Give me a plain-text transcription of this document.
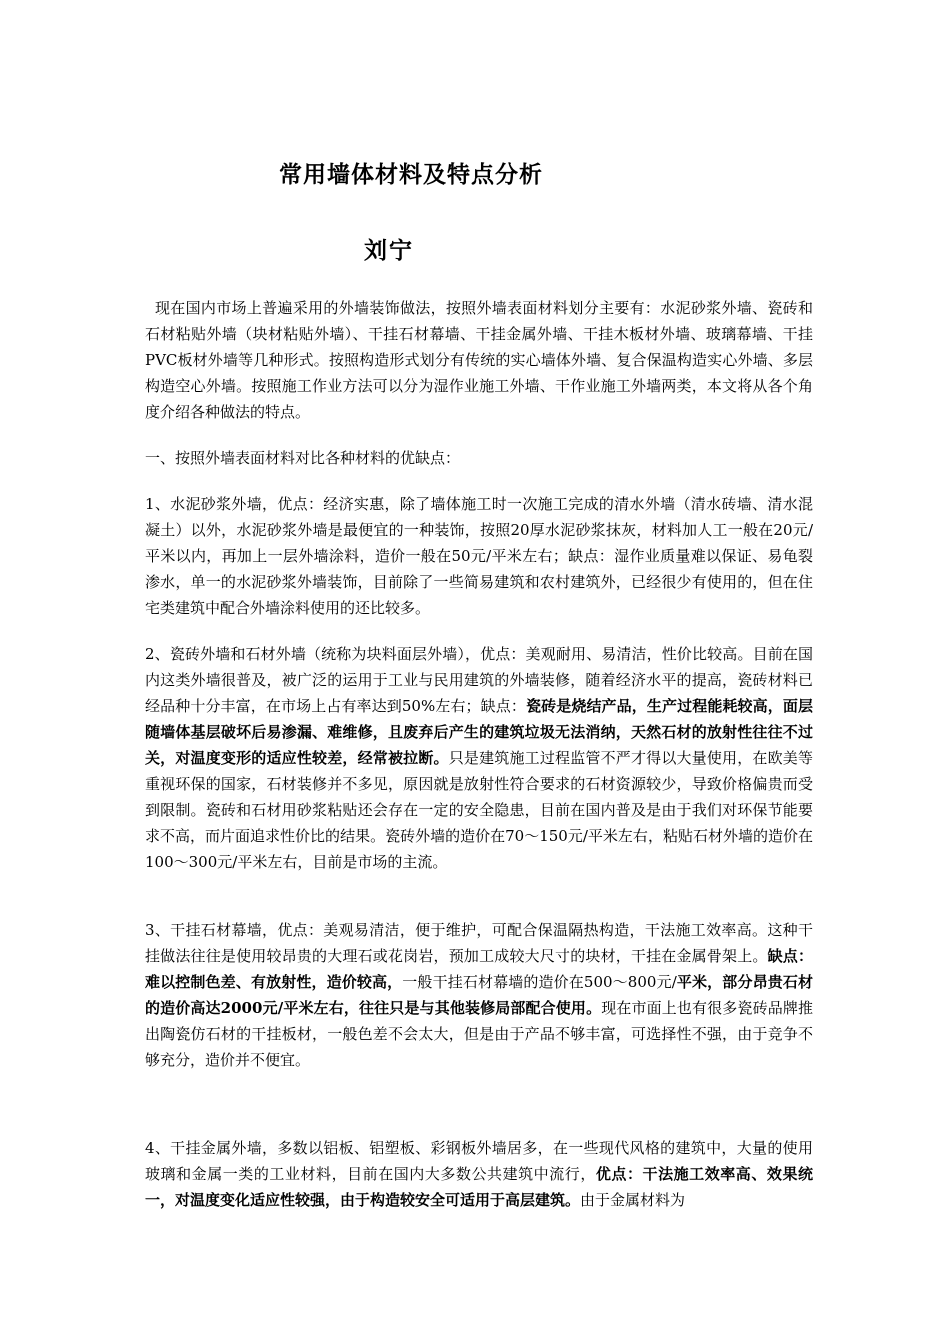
常用墙体材料及特点分析
刘宁

现在国内市场上普遍采用的外墙装饰做法，按照外墙表面材料划分主要有：水泥砂浆外墙、瓷砖和石材粘贴外墙（块材粘贴外墙）、干挂石材幕墙、干挂金属外墙、干挂木板材外墙、玻璃幕墙、干挂PVC板材外墙等几种形式。按照构造形式划分有传统的实心墙体外墙、复合保温构造实心外墙、多层构造空心外墙。按照施工作业方法可以分为湿作业施工外墙、干作业施工外墙两类，本文将从各个角度介绍各种做法的特点。

一、按照外墙表面材料对比各种材料的优缺点：

1、水泥砂浆外墙，优点：经济实惠，除了墙体施工时一次施工完成的清水外墙（清水砖墙、清水混凝土）以外，水泥砂浆外墙是最便宜的一种装饰，按照20厚水泥砂浆抹灰，材料加人工一般在20元/平米以内，再加上一层外墙涂料，造价一般在50元/平米左右；缺点：湿作业质量难以保证、易龟裂渗水，单一的水泥砂浆外墙装饰，目前除了一些简易建筑和农村建筑外，已经很少有使用的，但在住宅类建筑中配合外墙涂料使用的还比较多。

2、瓷砖外墙和石材外墙（统称为块料面层外墙），优点：美观耐用、易清洁，性价比较高。目前在国内这类外墙很普及，被广泛的运用于工业与民用建筑的外墙装修，随着经济水平的提高，瓷砖材料已经品种十分丰富，在市场上占有率达到50%左右；缺点：瓷砖是烧结产品，生产过程能耗较高，面层随墙体基层破坏后易渗漏、难维修，且废弃后产生的建筑垃圾无法消纳，天然石材的放射性往往不过关，对温度变形的适应性较差，经常被拉断。只是建筑施工过程监管不严才得以大量使用，在欧美等重视环保的国家，石材装修并不多见，原因就是放射性符合要求的石材资源较少，导致价格偏贵而受到限制。瓷砖和石材用砂浆粘贴还会存在一定的安全隐患，目前在国内普及是由于我们对环保节能要求不高，而片面追求性价比的结果。瓷砖外墙的造价在70～150元/平米左右，粘贴石材外墙的造价在100～300元/平米左右，目前是市场的主流。

3、干挂石材幕墙，优点：美观易清洁，便于维护，可配合保温隔热构造，干法施工效率高。这种干挂做法往往是使用较昂贵的大理石或花岗岩，预加工成较大尺寸的块材，干挂在金属骨架上。缺点：难以控制色差、有放射性，造价较高，一般干挂石材幕墙的造价在500～800元/平米，部分昂贵石材的造价高达2000元/平米左右，往往只是与其他装修局部配合使用。现在市面上也有很多瓷砖品牌推出陶瓷仿石材的干挂板材，一般色差不会太大，但是由于产品不够丰富，可选择性不强，由于竞争不够充分，造价并不便宜。

4、干挂金属外墙，多数以铝板、铝塑板、彩钢板外墙居多，在一些现代风格的建筑中，大量的使用玻璃和金属一类的工业材料，目前在国内大多数公共建筑中流行，优点：干法施工效率高、效果统一，对温度变化适应性较强，由于构造较安全可适用于高层建筑。由于金属材料为
